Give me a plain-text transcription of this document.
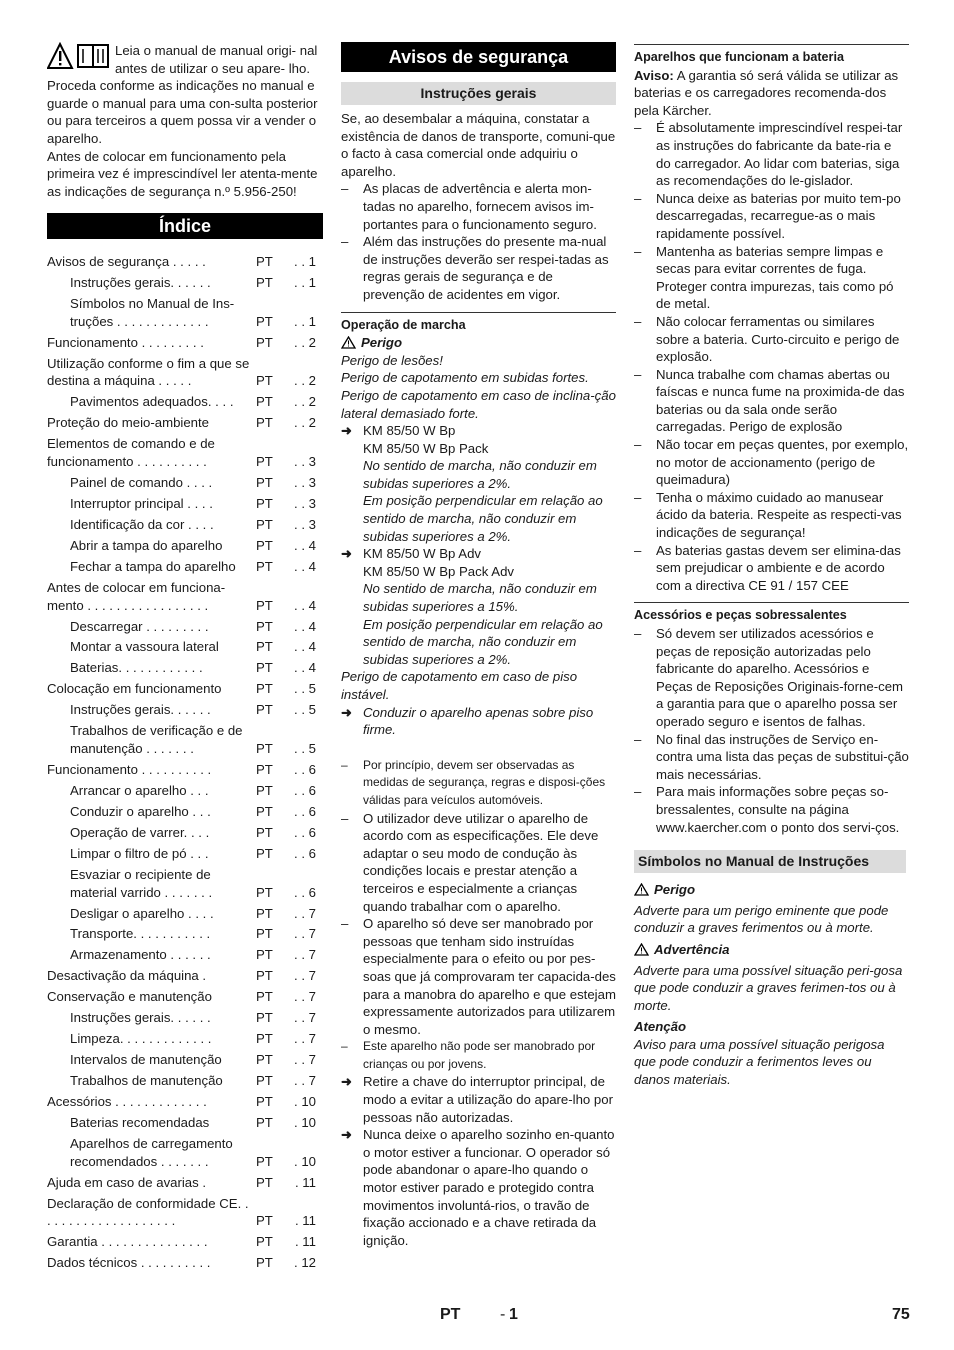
Leia o manual de manual origi- nal antes de utilizar o seu apare- lho. Proceda conforme as indicações no manual e guarde o manual para uma con-sulta posterior ou para terceiros a quem possa vir a vender o aparelho.

Antes de colocar em funcionamento pela primeira vez é imprescindível ler atenta-mente as indicações de segurança n.º 5.956-250!

Índice
Avisos de segurança . . . . .	PT . . 1
Instruções gerais. . . . . .	PT . . 1
Símbolos no Manual de Ins- truções . . . . . . . . . . . . .	PT . . 1
Funcionamento . . . . . . . . .	PT . . 2
Utilização conforme o fim a que se destina a máquina . . . . .	PT . . 2
Pavimentos adequados. . . .	PT . . 2
Proteção do meio-ambiente	PT . . 2
Elementos de comando e de funcionamento . . . . . . . . . .	PT . . 3
Painel de comando . . . .	PT . . 3
Interruptor principal . . . .	PT . . 3
Identificação da cor . . . .	PT . . 3
Abrir a tampa do aparelho	PT . . 4
Fechar a tampa do aparelho	PT . . 4
Antes de colocar em funciona- mento . . . . . . . . . . . . . . . . .	PT . . 4
Descarregar . . . . . . . . .	PT . . 4
Montar a vassoura lateral	PT . . 4
Baterias. . . . . . . . . . . .	PT . . 4
Colocação em funcionamento	PT . . 5
Instruções gerais. . . . . .	PT . . 5
Trabalhos de verificação e de manutenção . . . . . . .	PT . . 5
Funcionamento . . . . . . . . . .	PT . . 6
Arrancar o aparelho . . .	PT . . 6
Conduzir o aparelho . . .	PT . . 6
Operação de varrer. . . .	PT . . 6
Limpar o filtro de pó . . .	PT . . 6
Esvaziar o recipiente de material varrido . . . . . . .	PT . . 6
Desligar o aparelho . . . .	PT . . 7
Transporte. . . . . . . . . . .	PT . . 7
Armazenamento . . . . . .	PT . . 7
Desactivação da máquina .	PT . . 7
Conservação e manutenção	PT . . 7
Instruções gerais. . . . . .	PT . . 7
Limpeza. . . . . . . . . . . . .	PT . . 7
Intervalos de manutenção	PT . . 7
Trabalhos de manutenção	PT . . 7
Acessórios . . . . . . . . . . . . .	PT . 10
Baterias recomendadas	PT . 10
Aparelhos de carregamento recomendados . . . . . . .	PT . 10
Ajuda em caso de avarias .	PT . 11
Declaração de conformidade CE. . . . . . . . . . . . . . . . . . . .	PT . 11
Garantia . . . . . . . . . . . . . . .	PT . 11
Dados técnicos . . . . . . . . . .	PT . 12
Avisos de segurança
Instruções gerais

Se, ao desembalar a máquina, constatar a existência de danos de transporte, comuni-que o facto à casa comercial onde adquiriu o aparelho.

– As placas de advertência e alerta mon-tadas no aparelho, fornecem avisos im-portantes para o funcionamento seguro.
– Além das instruções do presente ma-nual de instruções deverão ser respei-tadas as regras gerais de segurança e de prevenção de acidentes em vigor.
Operação de marcha

Perigo

Perigo de lesões!

Perigo de capotamento em subidas fortes.

Perigo de capotamento em caso de inclina-ção lateral demasiado forte.

➜ KM 85/50 W Bp

KM 85/50 W Bp Pack

No sentido de marcha, não conduzir em subidas superiores a 2%.

Em posição perpendicular em relação ao sentido de marcha, não conduzir em subidas superiores a 2%.

➜ KM 85/50 W Bp Adv

KM 85/50 W Bp Pack Adv

No sentido de marcha, não conduzir em subidas superiores a 15%.

Em posição perpendicular em relação ao sentido de marcha, não conduzir em subidas superiores a 2%.

Perigo de capotamento em caso de piso instável.

➜ Conduzir o aparelho apenas sobre piso firme.

– Por princípio, devem ser observadas as medidas de segurança, regras e disposi-ções válidas para veículos automóveis.
– O utilizador deve utilizar o aparelho de acordo com as especificações. Ele deve adaptar o seu modo de condução às condições locais e prestar atenção a terceiros e especialmente a crianças quando trabalhar com o aparelho.
– O aparelho só deve ser manobrado por pessoas que tenham sido instruídas especialmente para o efeito ou por pes-soas que já comprovaram ter capacida-des para a manobra do aparelho e que estejam expressamente autorizados para utilizarem o mesmo.
– Este aparelho não pode ser manobrado por crianças ou por jovens.
➜ Retire a chave do interruptor principal, de modo a evitar a utilização do apare-lho por pessoas não autorizadas.

➜ Nunca deixe o aparelho sozinho en-quanto o motor estiver a funcionar. O operador só pode abandonar o apare-lho quando o motor estiver parado e protegido contra movimentos involuntá-rios, o travão de fixação accionado e a chave retirada da ignição.

Aparelhos que funcionam a bateria

Aviso: A garantia só será válida se utilizar as baterias e os carregadores recomenda-dos pela Kärcher.

– É absolutamente imprescindível respei-tar as instruções do fabricante da bate-ria e do carregador. Ao lidar com baterias, siga as recomendações do le-gislador.
– Nunca deixe as baterias por muito tem-po descarregadas, recarregue-as o mais rapidamente possível.
– Mantenha as baterias sempre limpas e secas para evitar correntes de fuga. Proteger contra impurezas, tais como pó de metal.
– Não colocar ferramentas ou similares sobre a bateria. Curto-circuito e perigo de explosão.
– Nunca trabalhe com chamas abertas ou faíscas e nunca fume na proximida-de das baterias ou da sala onde serão carregadas. Perigo de explosão
– Não tocar em peças quentes, por exemplo, no motor de accionamento (perigo de queimadura)
– Tenha o máximo cuidado ao manusear ácido da bateria. Respeite as respecti-vas indicações de segurança!
– As baterias gastas devem ser elimina-das sem prejudicar o ambiente e de acordo com a directiva CE 91 / 157 CEE
Acessórios e peças sobressalentes
– Só devem ser utilizados acessórios e peças de reposição autorizadas pelo fabricante do aparelho. Acessórios e Peças de Reposições Originais-forne-cem a garantia para que o aparelho possa ser operado seguro e isentos de falhas.
– No final das instruções de Serviço en-contra uma lista das peças de substitui-ção mais necessárias.
– Para mais informações sobre peças so-bressalentes, consulte na página www.kaercher.com o ponto dos servi-ços.
Símbolos no Manual de Instruções

Perigo

Adverte para um perigo eminente que pode conduzir a graves ferimentos ou à morte.

Advertência

Adverte para uma possível situação peri-gosa que pode conduzir a graves ferimen-tos ou à morte.

Atenção

Aviso para uma possível situação perigosa que pode conduzir a ferimentos leves ou danos materiais.

PT - 1	75
